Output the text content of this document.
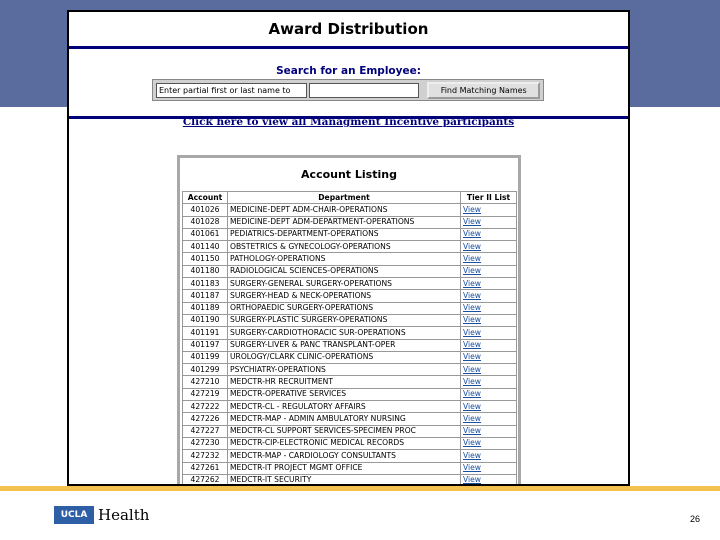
Award Distribution
Search for an Employee:
Enter partial first or last name to	Find Matching Names
Click here to view all Managment Incentive participants
Account Listing
Account	Department	Tier II List
401026	MEDICINE-DEPT ADM-CHAIR-OPERATIONS	View
401028	MEDICINE-DEPT ADM-DEPARTMENT-OPERATIONS	View
401061	PEDIATRICS-DEPARTMENT-OPERATIONS	View
401140	OBSTETRICS & GYNECOLOGY-OPERATIONS	View
401150	PATHOLOGY-OPERATIONS	View
401180	RADIOLOGICAL SCIENCES-OPERATIONS	View
401183	SURGERY-GENERAL SURGERY-OPERATIONS	View
401187	SURGERY-HEAD & NECK-OPERATIONS	View
401189	ORTHOPAEDIC SURGERY-OPERATIONS	View
401190	SURGERY-PLASTIC SURGERY-OPERATIONS	View
401191	SURGERY-CARDIOTHORACIC SUR-OPERATIONS	View
401197	SURGERY-LIVER & PANC TRANSPLANT-OPER	View
401199	UROLOGY/CLARK CLINIC-OPERATIONS	View
401299	PSYCHIATRY-OPERATIONS	View
427210	MEDCTR-HR RECRUITMENT	View
427219	MEDCTR-OPERATIVE SERVICES	View
427222	MEDCTR-CL - REGULATORY AFFAIRS	View
427226	MEDCTR-MAP - ADMIN AMBULATORY NURSING	View
427227	MEDCTR-CL SUPPORT SERVICES-SPECIMEN PROC	View
427230	MEDCTR-CIP-ELECTRONIC MEDICAL RECORDS	View
427232	MEDCTR-MAP - CARDIOLOGY CONSULTANTS	View
427261	MEDCTR-IT PROJECT MGMT OFFICE	View
427262	MEDCTR-IT SECURITY	View
UCLA Health	26
